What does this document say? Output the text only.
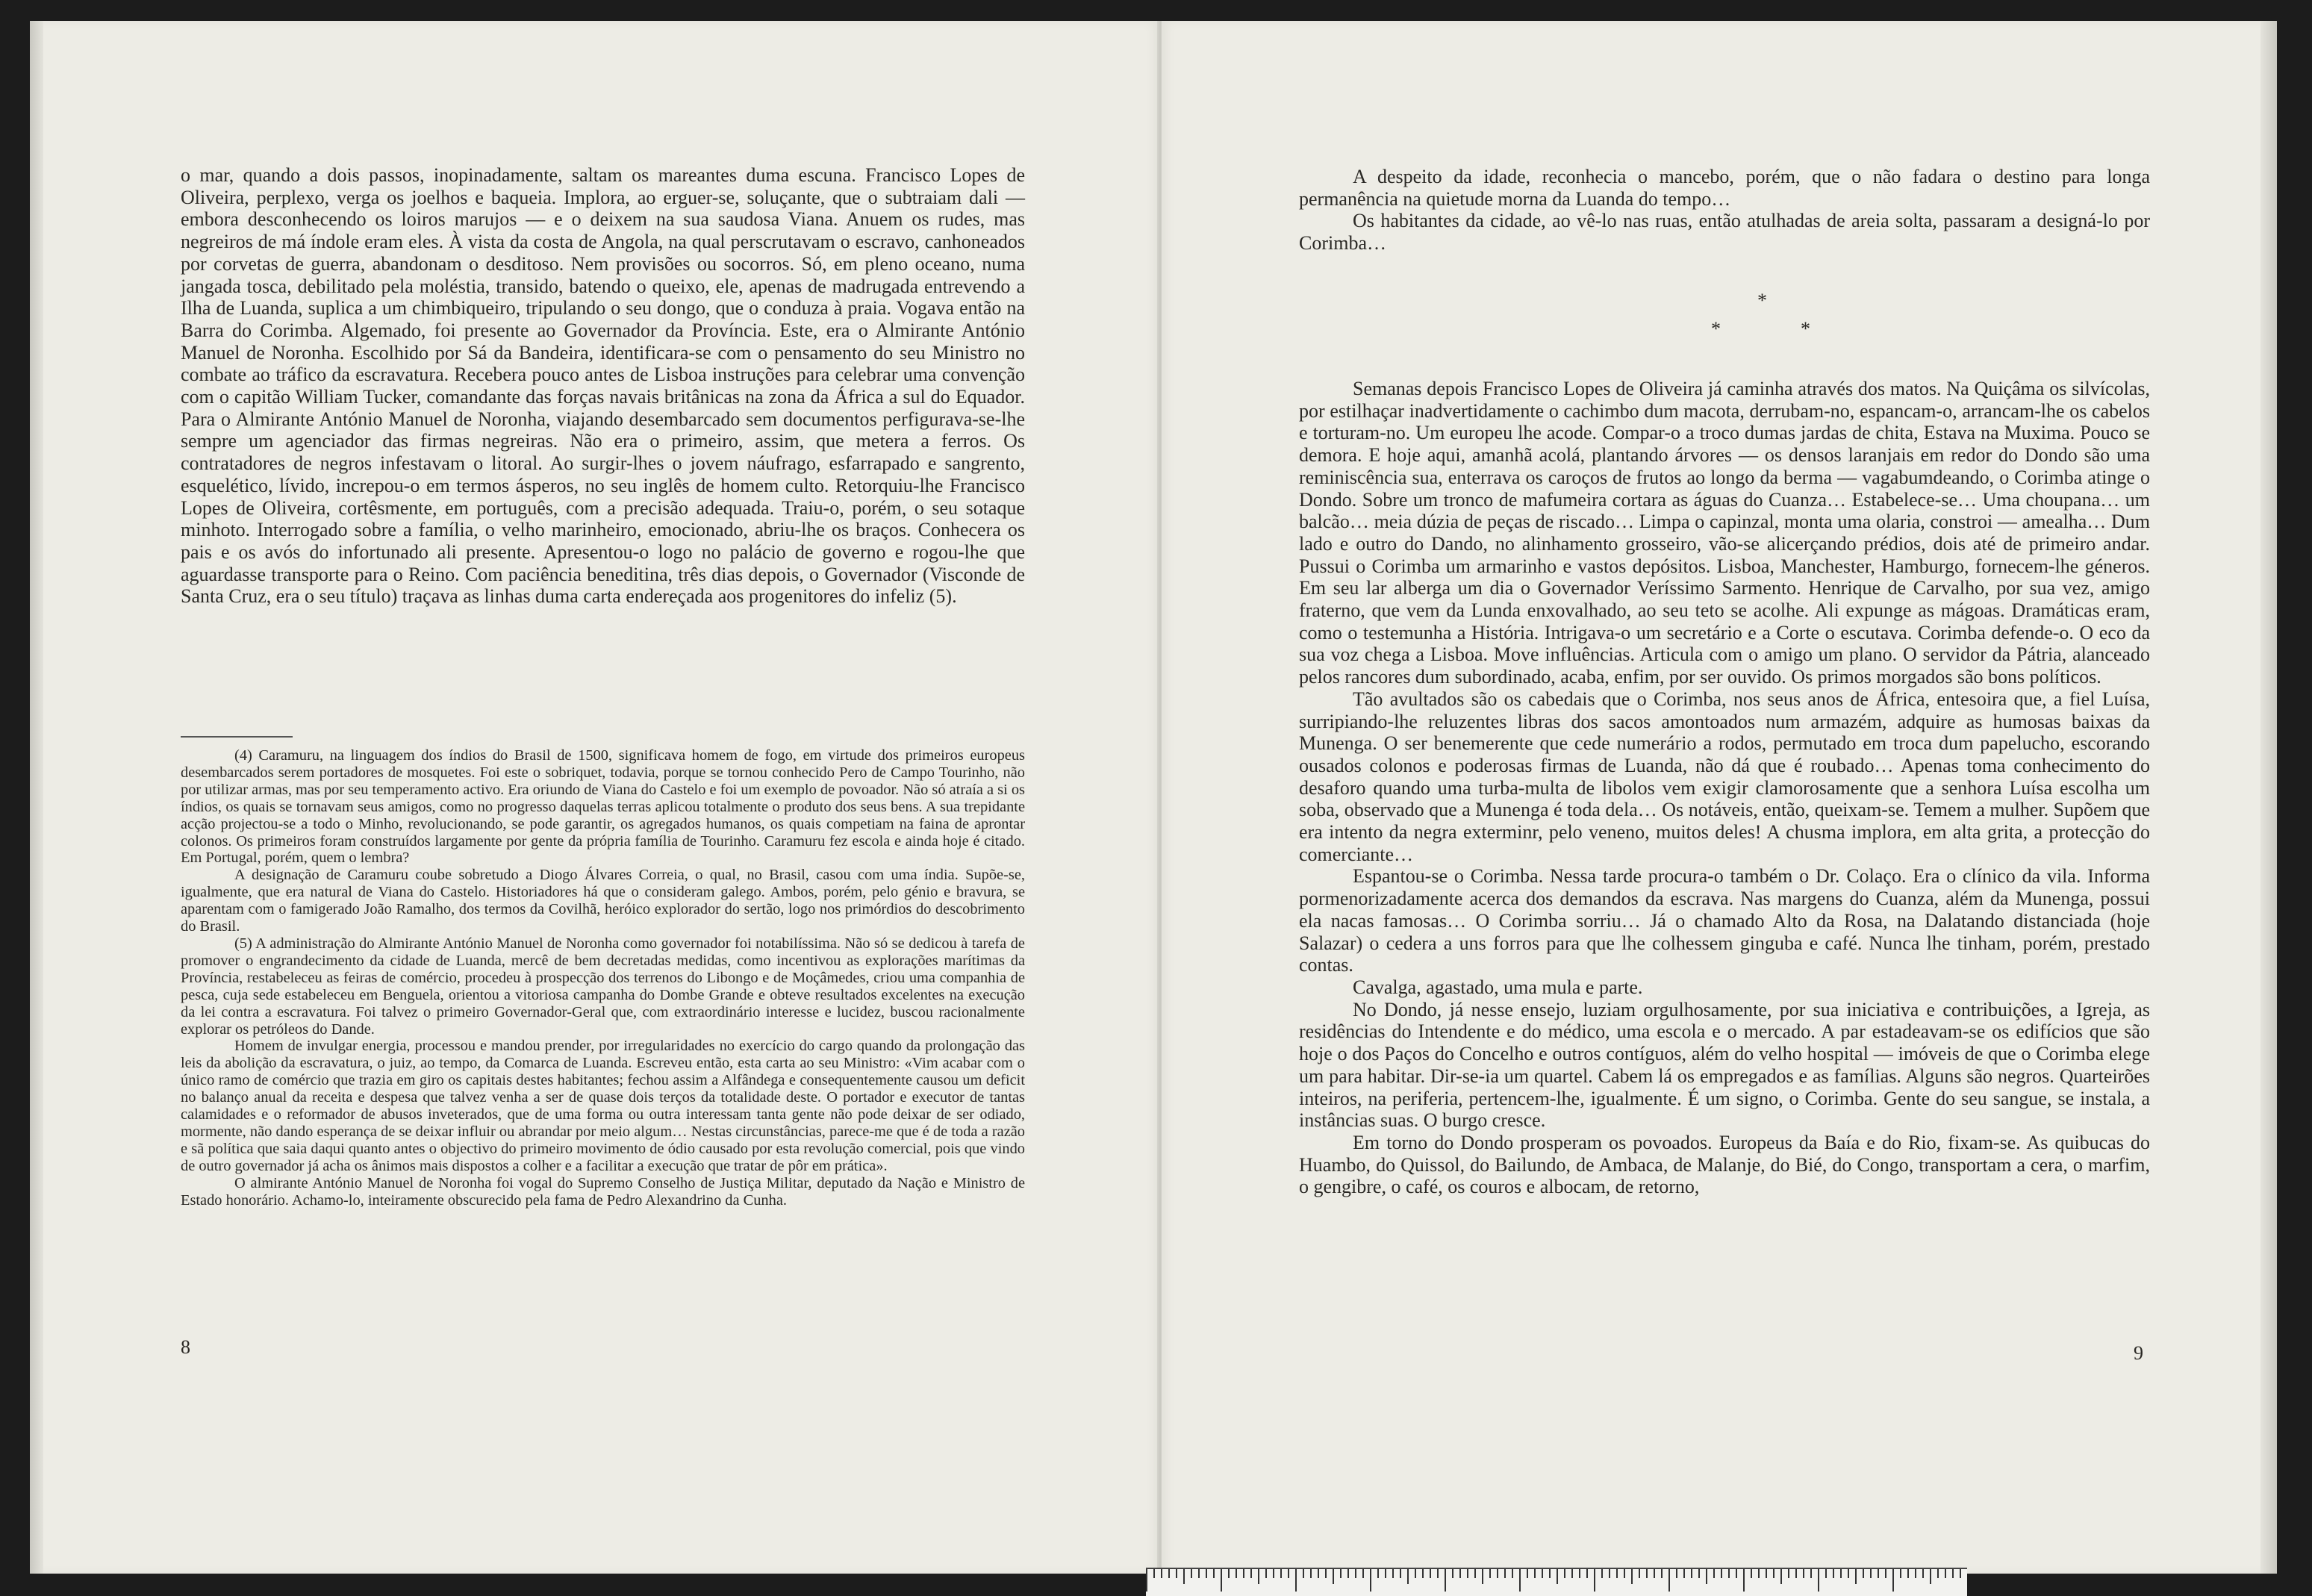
o mar, quando a dois passos, inopinadamente, saltam os mareantes duma escuna. Francisco Lopes de Oliveira, perplexo, verga os joelhos e baqueia. Implora, ao erguer-se, soluçante, que o subtraiam dali — embora desconhecendo os loiros marujos — e o deixem na sua saudosa Viana. Anuem os rudes, mas negreiros de má índole eram eles. À vista da costa de Angola, na qual perscrutavam o escravo, canhoneados por corvetas de guerra, abandonam o desditoso. Nem provisões ou socorros. Só, em pleno oceano, numa jangada tosca, debilitado pela moléstia, transido, batendo o queixo, ele, apenas de madrugada entrevendo a Ilha de Luanda, suplica a um chimbiqueiro, tripulando o seu dongo, que o conduza à praia. Vogava então na Barra do Corimba. Algemado, foi presente ao Governador da Província. Este, era o Almirante António Manuel de Noronha. Escolhido por Sá da Bandeira, identificara-se com o pensamento do seu Ministro no combate ao tráfico da escravatura. Recebera pouco antes de Lisboa instruções para celebrar uma convenção com o capitão William Tucker, comandante das forças navais britânicas na zona da África a sul do Equador. Para o Almirante António Manuel de Noronha, viajando desembarcado sem documentos perfigurava-se-lhe sempre um agenciador das firmas negreiras. Não era o primeiro, assim, que metera a ferros. Os contratadores de negros infestavam o litoral. Ao surgir-lhes o jovem náufrago, esfarrapado e sangrento, esquelético, lívido, increpou-o em termos ásperos, no seu inglês de homem culto. Retorquiu-lhe Francisco Lopes de Oliveira, cortêsmente, em português, com a precisão adequada. Traiu-o, porém, o seu sotaque minhoto. Interrogado sobre a família, o velho marinheiro, emocionado, abriu-lhe os braços. Conhecera os pais e os avós do infortunado ali presente. Apresentou-o logo no palácio de governo e rogou-lhe que aguardasse transporte para o Reino. Com paciência beneditina, três dias depois, o Governador (Visconde de Santa Cruz, era o seu título) traçava as linhas duma carta endereçada aos progenitores do infeliz (5).

(4) Caramuru, na linguagem dos índios do Brasil de 1500, significava homem de fogo, em virtude dos primeiros europeus desembarcados serem portadores de mosquetes. Foi este o sobriquet, todavia, porque se tornou conhecido Pero de Campo Tourinho, não por utilizar armas, mas por seu temperamento activo. Era oriundo de Viana do Castelo e foi um exemplo de povoador. Não só atraía a si os índios, os quais se tornavam seus amigos, como no progresso daquelas terras aplicou totalmente o produto dos seus bens. A sua trepidante acção projectou-se a todo o Minho, revolucionando, se pode garantir, os agregados humanos, os quais competiam na faina de aprontar colonos. Os primeiros foram construídos largamente por gente da própria família de Tourinho. Caramuru fez escola e ainda hoje é citado. Em Portugal, porém, quem o lembra?

A designação de Caramuru coube sobretudo a Diogo Álvares Correia, o qual, no Brasil, casou com uma índia. Supõe-se, igualmente, que era natural de Viana do Castelo. Historiadores há que o consideram galego. Ambos, porém, pelo génio e bravura, se aparentam com o famigerado João Ramalho, dos termos da Covilhã, heróico explorador do sertão, logo nos primórdios do descobrimento do Brasil.

(5) A administração do Almirante António Manuel de Noronha como governador foi notabilíssima. Não só se dedicou à tarefa de promover o engrandecimento da cidade de Luanda, mercê de bem decretadas medidas, como incentivou as explorações marítimas da Província, restabeleceu as feiras de comércio, procedeu à prospecção dos terrenos do Libongo e de Moçâmedes, criou uma companhia de pesca, cuja sede estabeleceu em Benguela, orientou a vitoriosa campanha do Dombe Grande e obteve resultados excelentes na execução da lei contra a escravatura. Foi talvez o primeiro Governador-Geral que, com extraordinário interesse e lucidez, buscou racionalmente explorar os petróleos do Dande.

Homem de invulgar energia, processou e mandou prender, por irregularidades no exercício do cargo quando da prolongação das leis da abolição da escravatura, o juiz, ao tempo, da Comarca de Luanda. Escreveu então, esta carta ao seu Ministro: «Vim acabar com o único ramo de comércio que trazia em giro os capitais destes habitantes; fechou assim a Alfândega e consequentemente causou um deficit no balanço anual da receita e despesa que talvez venha a ser de quase dois terços da totalidade deste. O portador e executor de tantas calamidades e o reformador de abusos inveterados, que de uma forma ou outra interessam tanta gente não pode deixar de ser odiado, mormente, não dando esperança de se deixar influir ou abrandar por meio algum… Nestas circunstâncias, parece-me que é de toda a razão e sã política que saia daqui quanto antes o objectivo do primeiro movimento de ódio causado por esta revolução comercial, pois que vindo de outro governador já acha os ânimos mais dispostos a colher e a facilitar a execução que tratar de pôr em prática».

O almirante António Manuel de Noronha foi vogal do Supremo Conselho de Justiça Militar, deputado da Nação e Ministro de Estado honorário. Achamo-lo, inteiramente obscurecido pela fama de Pedro Alexandrino da Cunha.

8

A despeito da idade, reconhecia o mancebo, porém, que o não fadara o destino para longa permanência na quietude morna da Luanda do tempo…

Os habitantes da cidade, ao vê-lo nas ruas, então atulhadas de areia solta, passaram a designá-lo por Corimba…

*
*	*

Semanas depois Francisco Lopes de Oliveira já caminha através dos matos. Na Quiçâma os silvícolas, por estilhaçar inadvertidamente o cachimbo dum macota, derrubam-no, espancam-o, arrancam-lhe os cabelos e torturam-no. Um europeu lhe acode. Compar-o a troco dumas jardas de chita, Estava na Muxima. Pouco se demora. E hoje aqui, amanhã acolá, plantando árvores — os densos laranjais em redor do Dondo são uma reminiscência sua, enterrava os caroços de frutos ao longo da berma — vagabumdeando, o Corimba atinge o Dondo. Sobre um tronco de mafumeira cortara as águas do Cuanza… Estabelece-se… Uma choupana… um balcão… meia dúzia de peças de riscado… Limpa o capinzal, monta uma olaria, constroi — amealha… Dum lado e outro do Dando, no alinhamento grosseiro, vão-se alicerçando prédios, dois até de primeiro andar. Pussui o Corimba um armarinho e vastos depósitos. Lisboa, Manchester, Hamburgo, fornecem-lhe géneros. Em seu lar alberga um dia o Governador Veríssimo Sarmento. Henrique de Carvalho, por sua vez, amigo fraterno, que vem da Lunda enxovalhado, ao seu teto se acolhe. Ali expunge as mágoas. Dramáticas eram, como o testemunha a História. Intrigava-o um secretário e a Corte o escutava. Corimba defende-o. O eco da sua voz chega a Lisboa. Move influências. Articula com o amigo um plano. O servidor da Pátria, alanceado pelos rancores dum subordinado, acaba, enfim, por ser ouvido. Os primos morgados são bons políticos.

Tão avultados são os cabedais que o Corimba, nos seus anos de África, entesoira que, a fiel Luísa, surripiando-lhe reluzentes libras dos sacos amontoados num armazém, adquire as humosas baixas da Munenga. O ser benemerente que cede numerário a rodos, permutado em troca dum papelucho, escorando ousados colonos e poderosas firmas de Luanda, não dá que é roubado… Apenas toma conhecimento do desaforo quando uma turba-multa de libolos vem exigir clamorosamente que a senhora Luísa escolha um soba, observado que a Munenga é toda dela… Os notáveis, então, queixam-se. Temem a mulher. Supõem que era intento da negra exterminr, pelo veneno, muitos deles! A chusma implora, em alta grita, a protecção do comerciante…

Espantou-se o Corimba. Nessa tarde procura-o também o Dr. Colaço. Era o clínico da vila. Informa pormenorizadamente acerca dos demandos da escrava. Nas margens do Cuanza, além da Munenga, possui ela nacas famosas… O Corimba sorriu… Já o chamado Alto da Rosa, na Dalatando distanciada (hoje Salazar) o cedera a uns forros para que lhe colhessem ginguba e café. Nunca lhe tinham, porém, prestado contas.

Cavalga, agastado, uma mula e parte.

No Dondo, já nesse ensejo, luziam orgulhosamente, por sua iniciativa e contribuições, a Igreja, as residências do Intendente e do médico, uma escola e o mercado. A par estadeavam-se os edifícios que são hoje o dos Paços do Concelho e outros contíguos, além do velho hospital — imóveis de que o Corimba elege um para habitar. Dir-se-ia um quartel. Cabem lá os empregados e as famílias. Alguns são negros. Quarteirões inteiros, na periferia, pertencem-lhe, igualmente. É um signo, o Corimba. Gente do seu sangue, se instala, a instâncias suas. O burgo cresce.

Em torno do Dondo prosperam os povoados. Europeus da Baía e do Rio, fixam-se. As quibucas do Huambo, do Quissol, do Bailundo, de Ambaca, de Malanje, do Bié, do Congo, transportam a cera, o marfim, o gengibre, o café, os couros e albocam, de retorno,

9
